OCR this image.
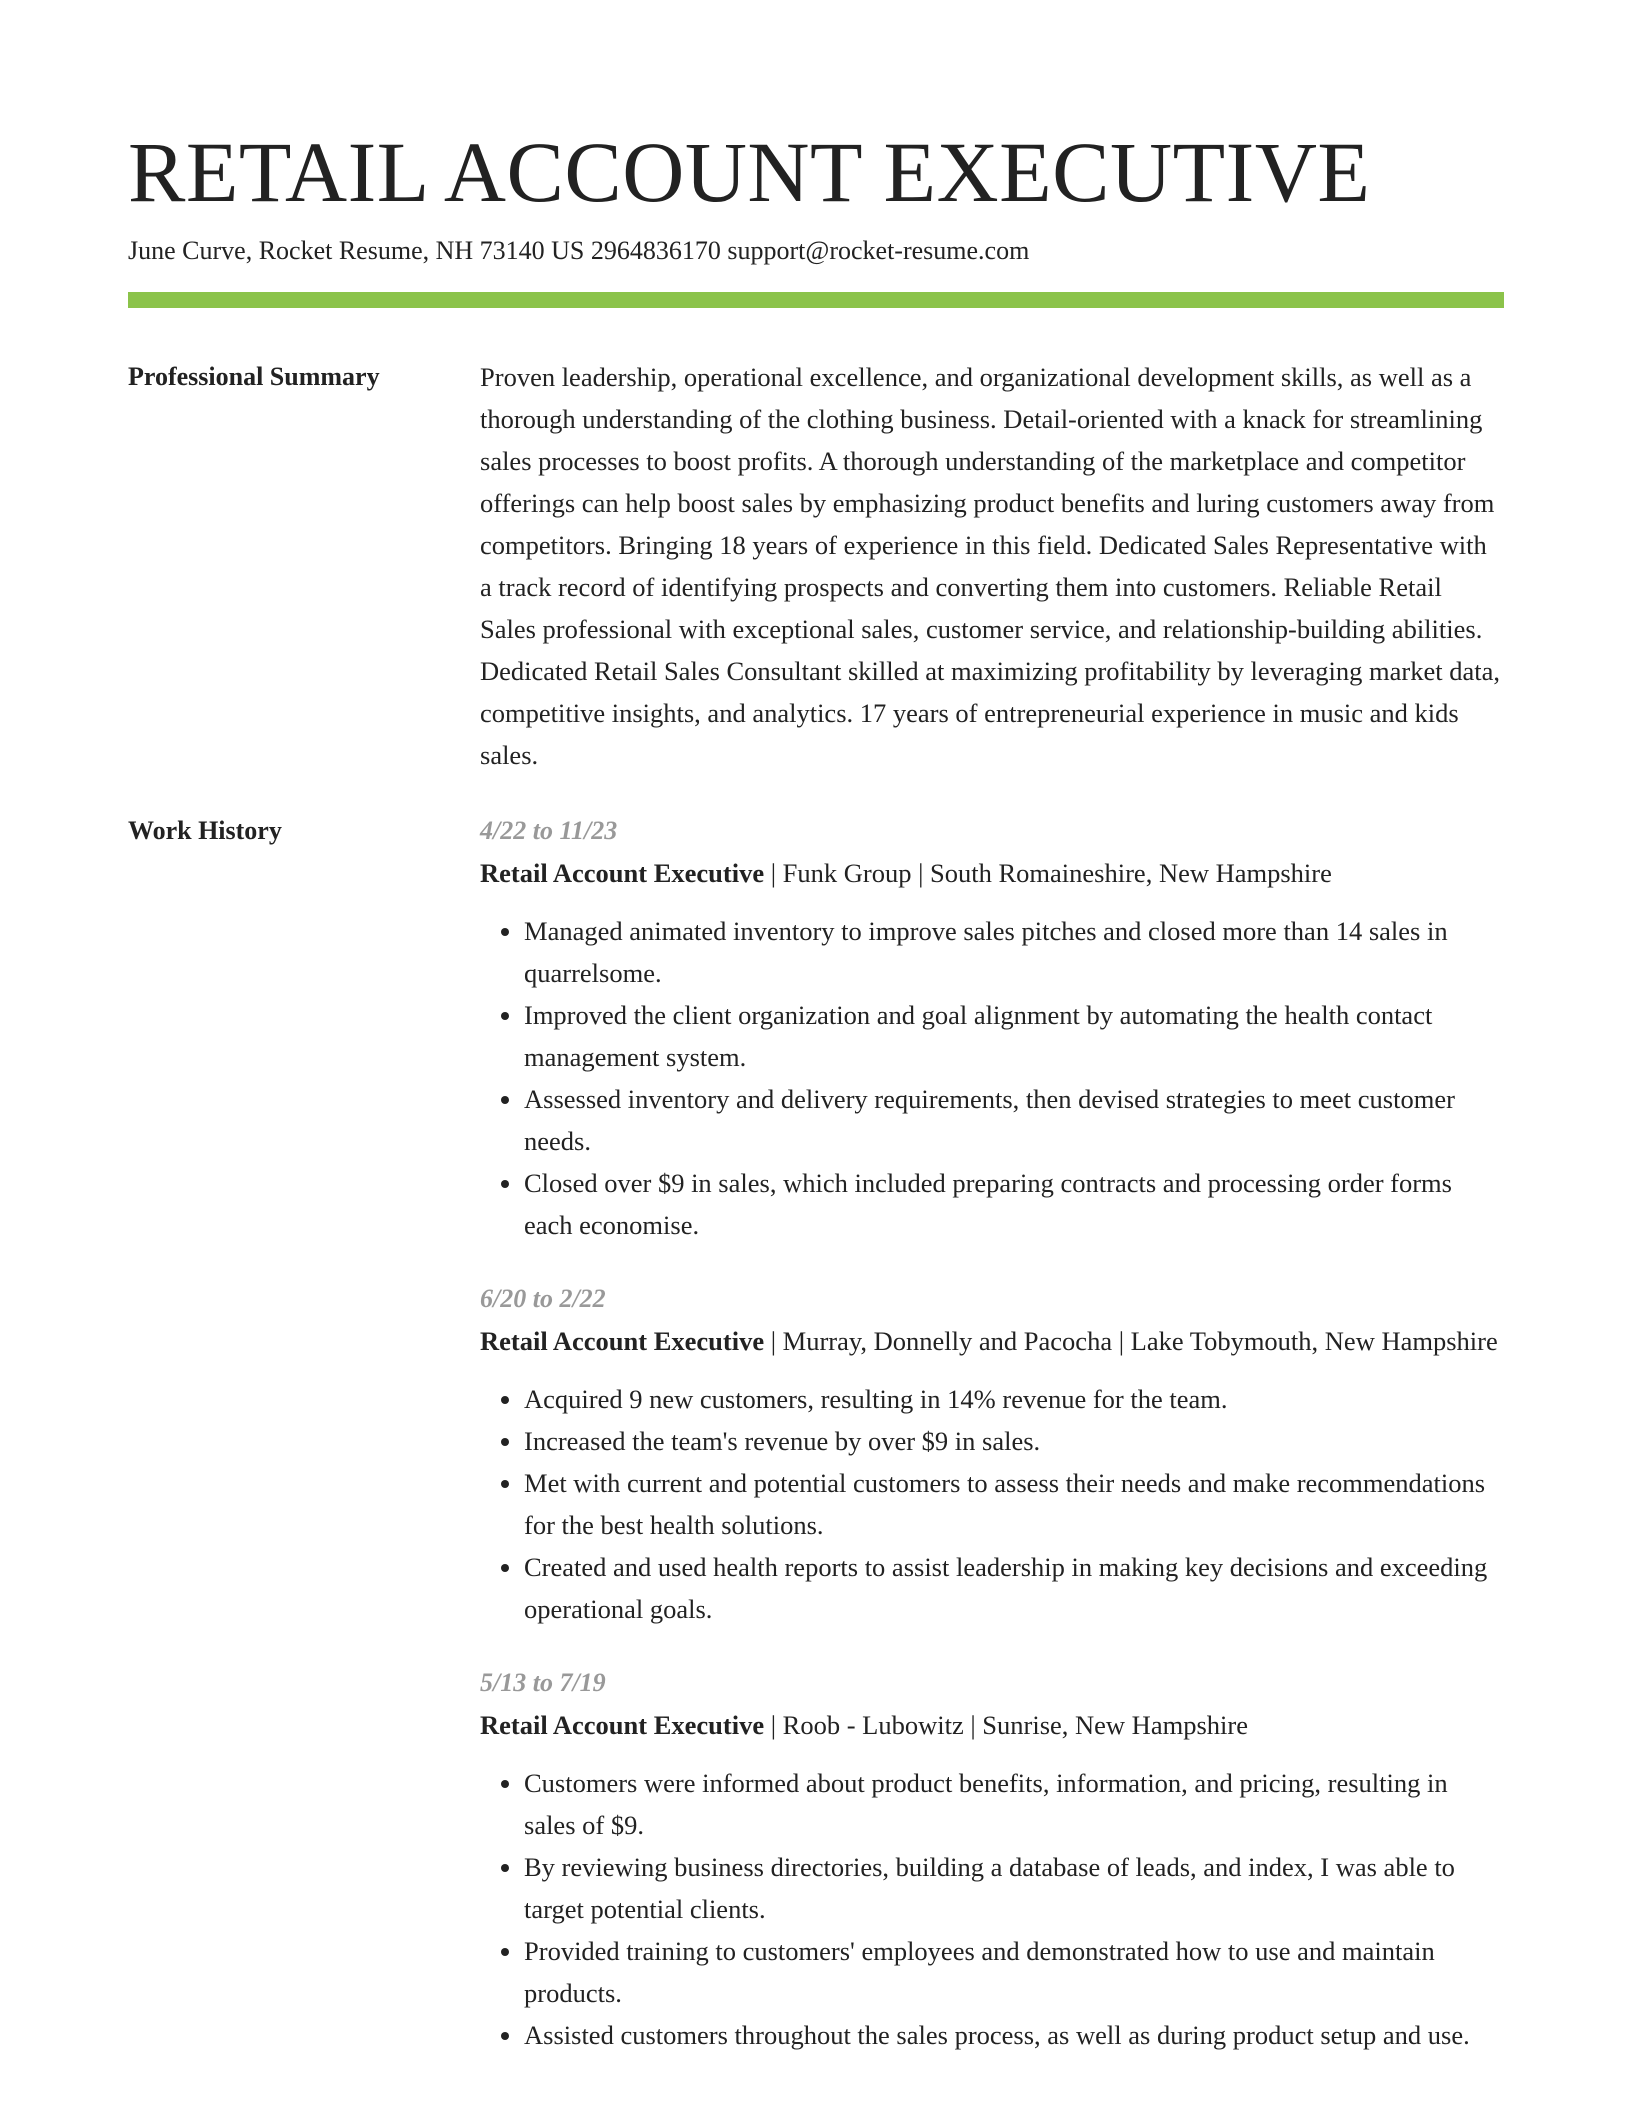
RETAIL ACCOUNT EXECUTIVE
June Curve, Rocket Resume, NH 73140 US 2964836170 support@rocket-resume.com
Professional Summary	Proven leadership, operational excellence, and organizational development skills, as well as a thorough understanding of the clothing business. Detail-oriented with a knack for streamlining sales processes to boost profits. A thorough understanding of the marketplace and competitor offerings can help boost sales by emphasizing product benefits and luring customers away from competitors. Bringing 18 years of experience in this field. Dedicated Sales Representative with a track record of identifying prospects and converting them into customers. Reliable Retail Sales professional with exceptional sales, customer service, and relationship-building abilities. Dedicated Retail Sales Consultant skilled at maximizing profitability by leveraging market data, competitive insights, and analytics. 17 years of entrepreneurial experience in music and kids sales.

Work History	4/22 to 11/23
Retail Account Executive | Funk Group | South Romaineshire, New Hampshire
• Managed animated inventory to improve sales pitches and closed more than 14 sales in quarrelsome.
• Improved the client organization and goal alignment by automating the health contact management system.
• Assessed inventory and delivery requirements, then devised strategies to meet customer needs.
• Closed over $9 in sales, which included preparing contracts and processing order forms each economise.
6/20 to 2/22
Retail Account Executive | Murray, Donnelly and Pacocha | Lake Tobymouth, New Hampshire
• Acquired 9 new customers, resulting in 14% revenue for the team.
• Increased the team's revenue by over $9 in sales.
• Met with current and potential customers to assess their needs and make recommendations for the best health solutions.
• Created and used health reports to assist leadership in making key decisions and exceeding operational goals.
5/13 to 7/19
Retail Account Executive | Roob - Lubowitz | Sunrise, New Hampshire
• Customers were informed about product benefits, information, and pricing, resulting in sales of $9.
• By reviewing business directories, building a database of leads, and index, I was able to target potential clients.
• Provided training to customers' employees and demonstrated how to use and maintain products.
• Assisted customers throughout the sales process, as well as during product setup and use.
